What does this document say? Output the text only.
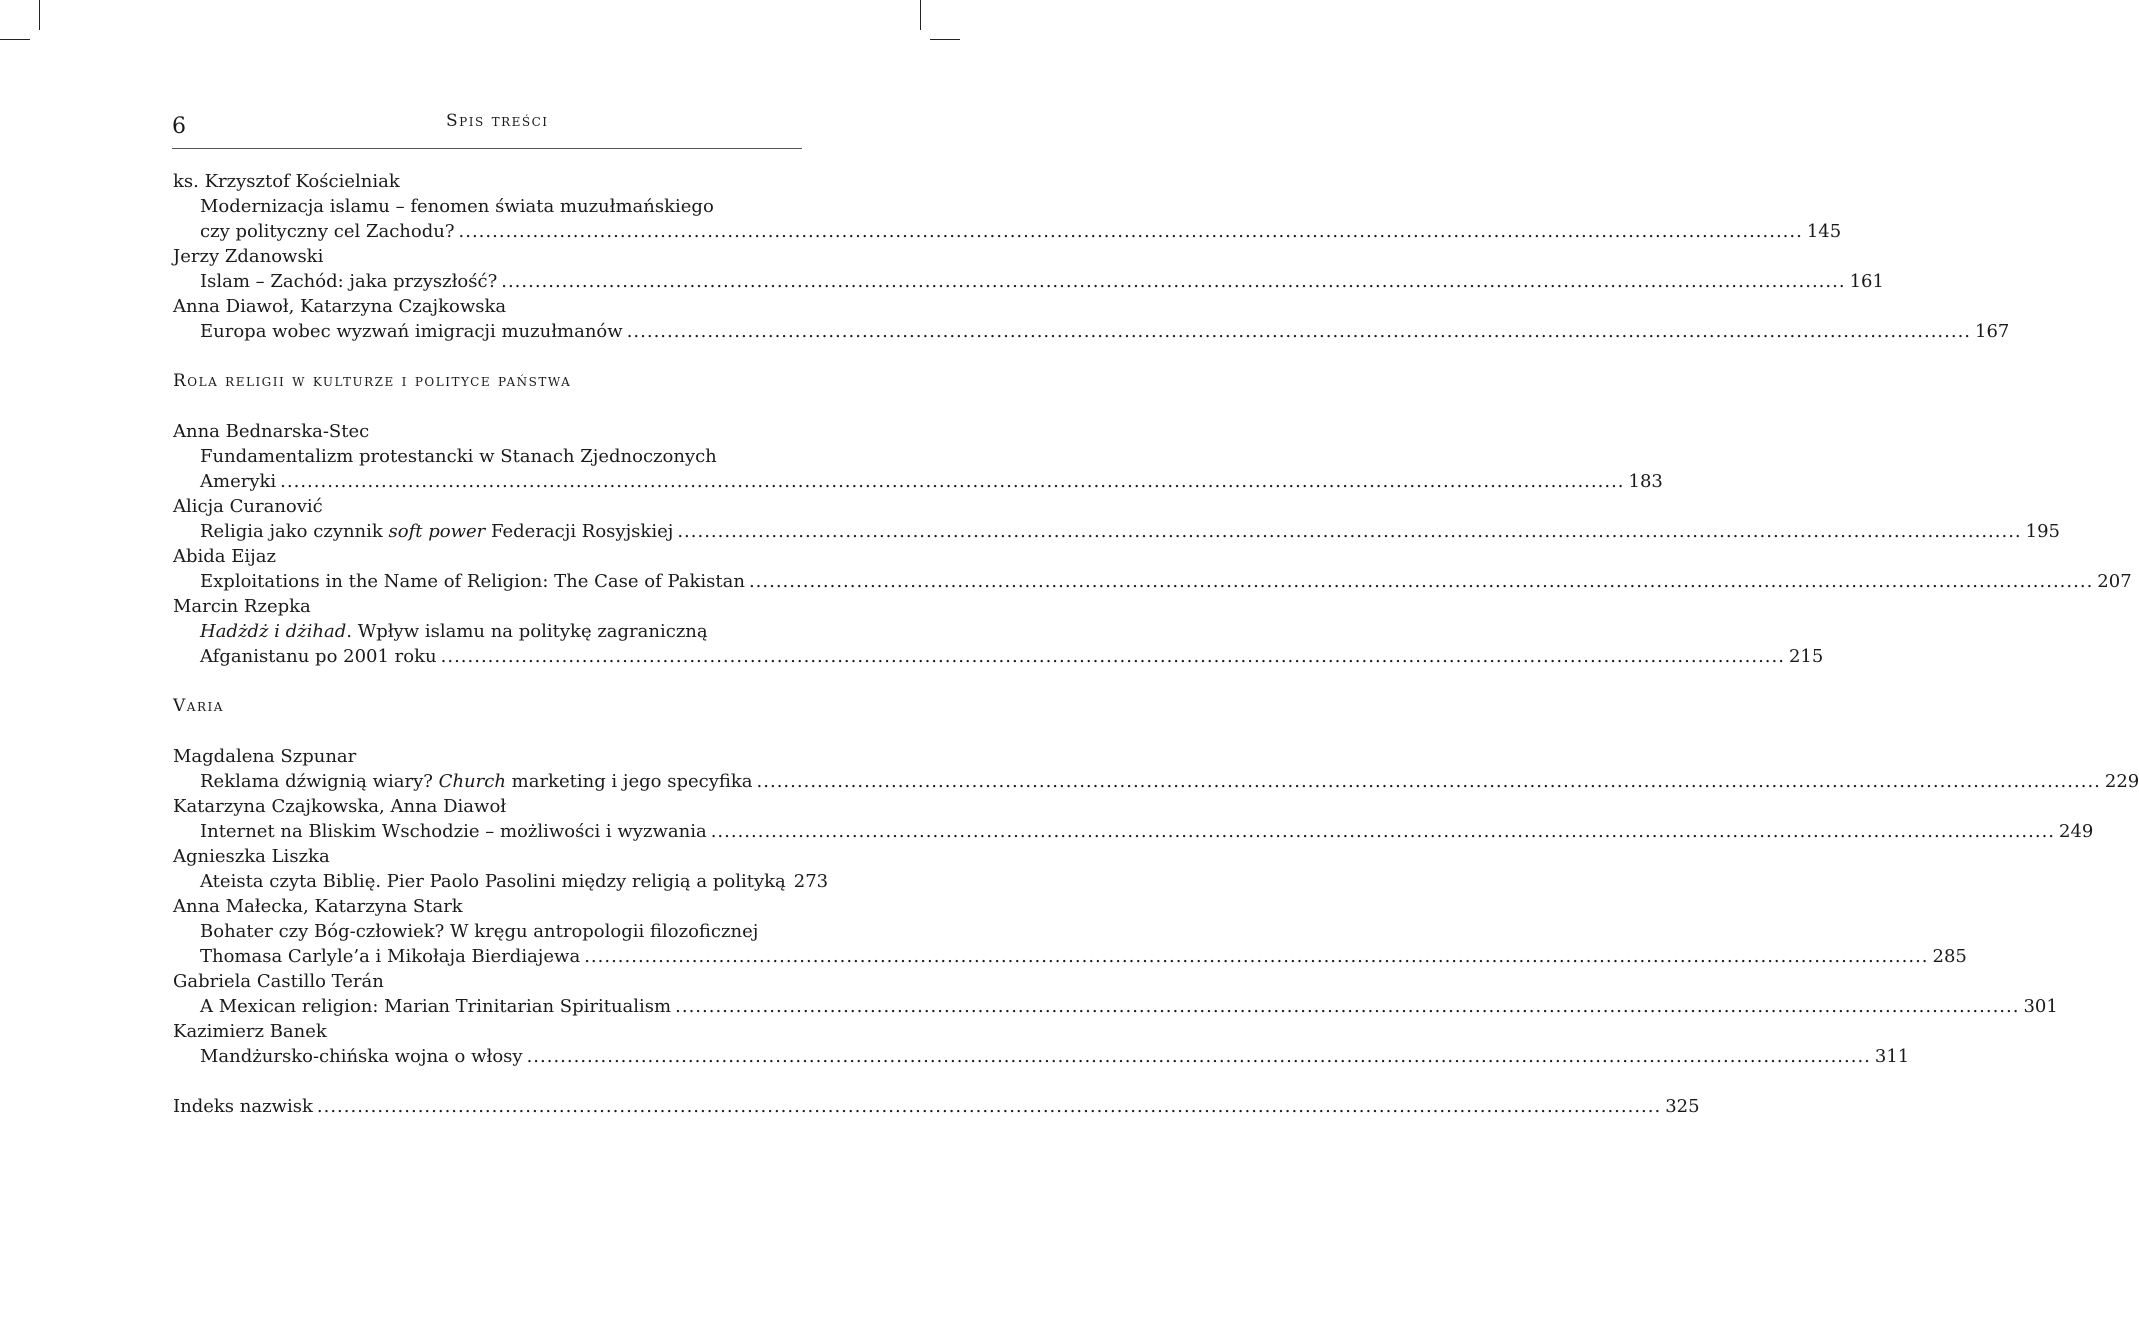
6	Spis treści
ks. Krzysztof Kościelniak
Modernizacja islamu – fenomen świata muzułmańskiego
czy polityczny cel Zachodu? ........................................................................................................................................................................................................ 145
Jerzy Zdanowski
Islam – Zachód: jaka przyszłość? ........................................................................................................................................................................................................ 161
Anna Diawoł, Katarzyna Czajkowska
Europa wobec wyzwań imigracji muzułmanów ........................................................................................................................................................................................................ 167
Rola religii w kulturze i polityce państwa
Anna Bednarska-Stec
Fundamentalizm protestancki w Stanach Zjednoczonych
Ameryki ........................................................................................................................................................................................................ 183
Alicja Curanović
Religia jako czynnik soft power Federacji Rosyjskiej ........................................................................................................................................................................................................ 195
Abida Eijaz
Exploitations in the Name of Religion: The Case of Pakistan ........................................................................................................................................................................................................ 207
Marcin Rzepka
Hadżdż i dżihad. Wpływ islamu na politykę zagraniczną
Afganistanu po 2001 roku ........................................................................................................................................................................................................ 215
Varia
Magdalena Szpunar
Reklama dźwignią wiary? Church marketing i jego specyfika ........................................................................................................................................................................................................ 229
Katarzyna Czajkowska, Anna Diawoł
Internet na Bliskim Wschodzie – możliwości i wyzwania ........................................................................................................................................................................................................ 249
Agnieszka Liszka
Ateista czyta Biblię. Pier Paolo Pasolini między religią a polityką 273
Anna Małecka, Katarzyna Stark
Bohater czy Bóg-człowiek? W kręgu antropologii filozoficznej
Thomasa Carlyle’a i Mikołaja Bierdiajewa ........................................................................................................................................................................................................ 285
Gabriela Castillo Terán
A Mexican religion: Marian Trinitarian Spiritualism ........................................................................................................................................................................................................ 301
Kazimierz Banek
Mandżursko-chińska wojna o włosy ........................................................................................................................................................................................................ 311
Indeks nazwisk ........................................................................................................................................................................................................ 325
